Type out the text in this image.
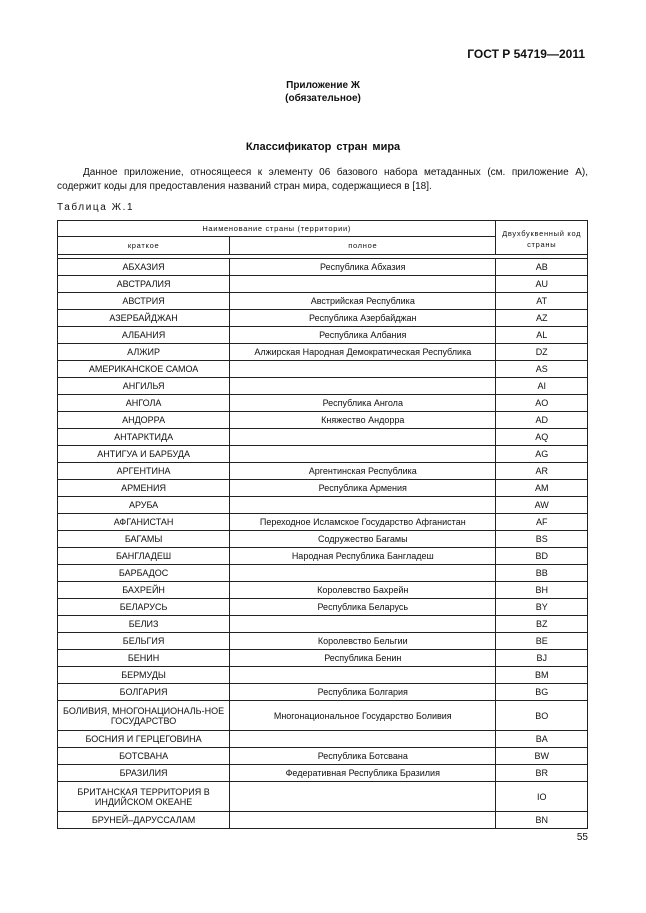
ГОСТ Р 54719—2011
Приложение Ж
(обязательное)
Классификатор стран мира

Данное приложение, относящееся к элементу 06 базового набора метаданных (см. приложение А), содержит коды для предоставления названий стран мира, содержащиеся в [18].

Таблица Ж.1
Наименование страны (территории)		Двухбуквенный код страны
краткое	полное	

АБХАЗИЯ	Республика Абхазия	AB
АВСТРАЛИЯ		AU
АВСТРИЯ	Австрийская Республика	AT
АЗЕРБАЙДЖАН	Республика Азербайджан	AZ
АЛБАНИЯ	Республика Албания	AL
АЛЖИР	Алжирская Народная Демократическая Республика	DZ
АМЕРИКАНСКОЕ САМОА		AS
АНГИЛЬЯ		AI
АНГОЛА	Республика Ангола	AO
АНДОРРА	Княжество Андорра	AD
АНТАРКТИДА		AQ
АНТИГУА И БАРБУДА		AG
АРГЕНТИНА	Аргентинская Республика	AR
АРМЕНИЯ	Республика Армения	AM
АРУБА		AW
АФГАНИСТАН	Переходное Исламское Государство Афганистан	AF
БАГАМЫ	Содружество Багамы	BS
БАНГЛАДЕШ	Народная Республика Бангладеш	BD
БАРБАДОС		BB
БАХРЕЙН	Королевство Бахрейн	BH
БЕЛАРУСЬ	Республика Беларусь	BY
БЕЛИЗ		BZ
БЕЛЬГИЯ	Королевство Бельгии	BE
БЕНИН	Республика Бенин	BJ
БЕРМУДЫ		BM
БОЛГАРИЯ	Республика Болгария	BG
БОЛИВИЯ, МНОГОНАЦИОНАЛЬ-НОЕ ГОСУДАРСТВО	Многонациональное Государство Боливия	BO
БОСНИЯ И ГЕРЦЕГОВИНА		BA
БОТСВАНА	Республика Ботсвана	BW
БРАЗИЛИЯ	Федеративная Республика Бразилия	BR
БРИТАНСКАЯ ТЕРРИТОРИЯ В ИНДИЙСКОМ ОКЕАНЕ		IO
БРУНЕЙ–ДАРУССАЛАМ		BN
55
